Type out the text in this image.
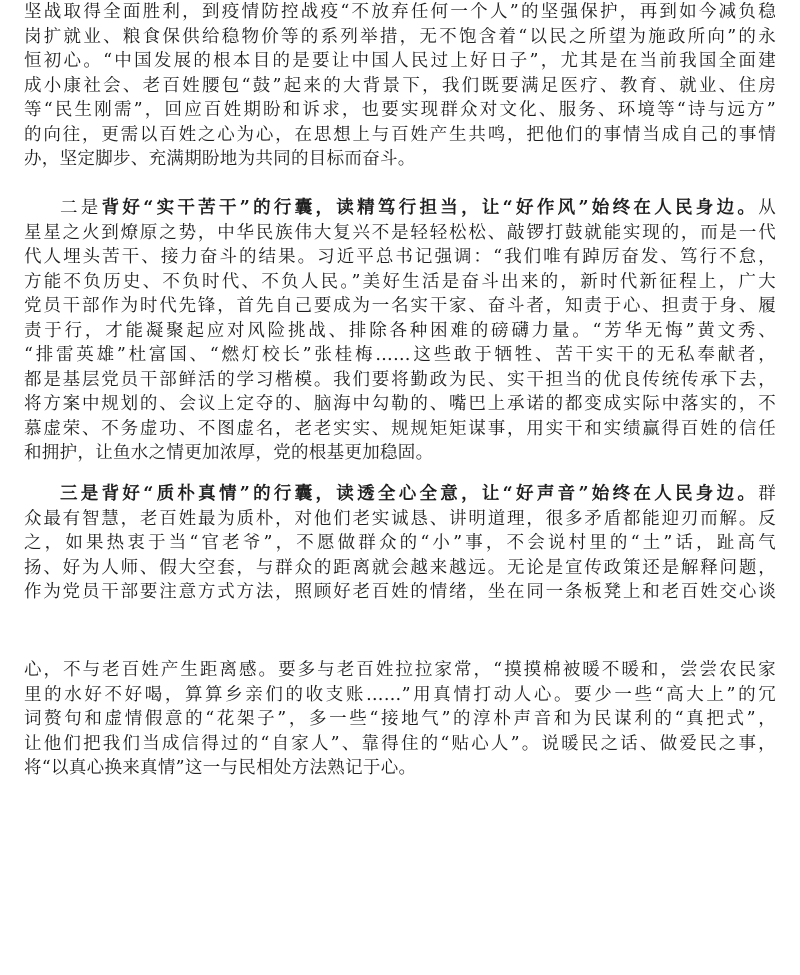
坚战取得全面胜利，到疫情防控战疫“不放弃任何一个人”的坚强保护，再到如今减负稳
岗扩就业、粮食保供给稳物价等的系列举措，无不饱含着“以民之所望为施政所向”的永
恒初心。“中国发展的根本目的是要让中国人民过上好日子”，尤其是在当前我国全面建
成小康社会、老百姓腰包“鼓”起来的大背景下，我们既要满足医疗、教育、就业、住房
等“民生刚需”，回应百姓期盼和诉求，也要实现群众对文化、服务、环境等“诗与远方”
的向往，更需以百姓之心为心，在思想上与百姓产生共鸣，把他们的事情当成自己的事情
办，坚定脚步、充满期盼地为共同的目标而奋斗。
二是背好“实干苦干”的行囊，读精笃行担当，让“好作风”始终在人民身边。从
星星之火到燎原之势，中华民族伟大复兴不是轻轻松松、敲锣打鼓就能实现的，而是一代
代人埋头苦干、接力奋斗的结果。习近平总书记强调：“我们唯有踔厉奋发、笃行不怠，
方能不负历史、不负时代、不负人民。”美好生活是奋斗出来的，新时代新征程上，广大
党员干部作为时代先锋，首先自己要成为一名实干家、奋斗者，知责于心、担责于身、履
责于行，才能凝聚起应对风险挑战、排除各种困难的磅礴力量。“芳华无悔”黄文秀、
“排雷英雄”杜富国、“燃灯校长”张桂梅……这些敢于牺牲、苦干实干的无私奉献者，
都是基层党员干部鲜活的学习楷模。我们要将勤政为民、实干担当的优良传统传承下去，
将方案中规划的、会议上定夺的、脑海中勾勒的、嘴巴上承诺的都变成实际中落实的，不
慕虚荣、不务虚功、不图虚名，老老实实、规规矩矩谋事，用实干和实绩赢得百姓的信任
和拥护，让鱼水之情更加浓厚，党的根基更加稳固。
三是背好“质朴真情”的行囊，读透全心全意，让“好声音”始终在人民身边。群
众最有智慧，老百姓最为质朴，对他们老实诚恳、讲明道理，很多矛盾都能迎刃而解。反
之，如果热衷于当“官老爷”，不愿做群众的“小”事，不会说村里的“土”话，趾高气
扬、好为人师、假大空套，与群众的距离就会越来越远。无论是宣传政策还是解释问题，
作为党员干部要注意方式方法，照顾好老百姓的情绪，坐在同一条板凳上和老百姓交心谈
心，不与老百姓产生距离感。要多与老百姓拉拉家常，“摸摸棉被暖不暖和，尝尝农民家
里的水好不好喝，算算乡亲们的收支账……”用真情打动人心。要少一些“高大上”的冗
词赘句和虚情假意的“花架子”，多一些“接地气”的淳朴声音和为民谋利的“真把式”，
让他们把我们当成信得过的“自家人”、靠得住的“贴心人”。说暖民之话、做爱民之事，
将“以真心换来真情”这一与民相处方法熟记于心。
